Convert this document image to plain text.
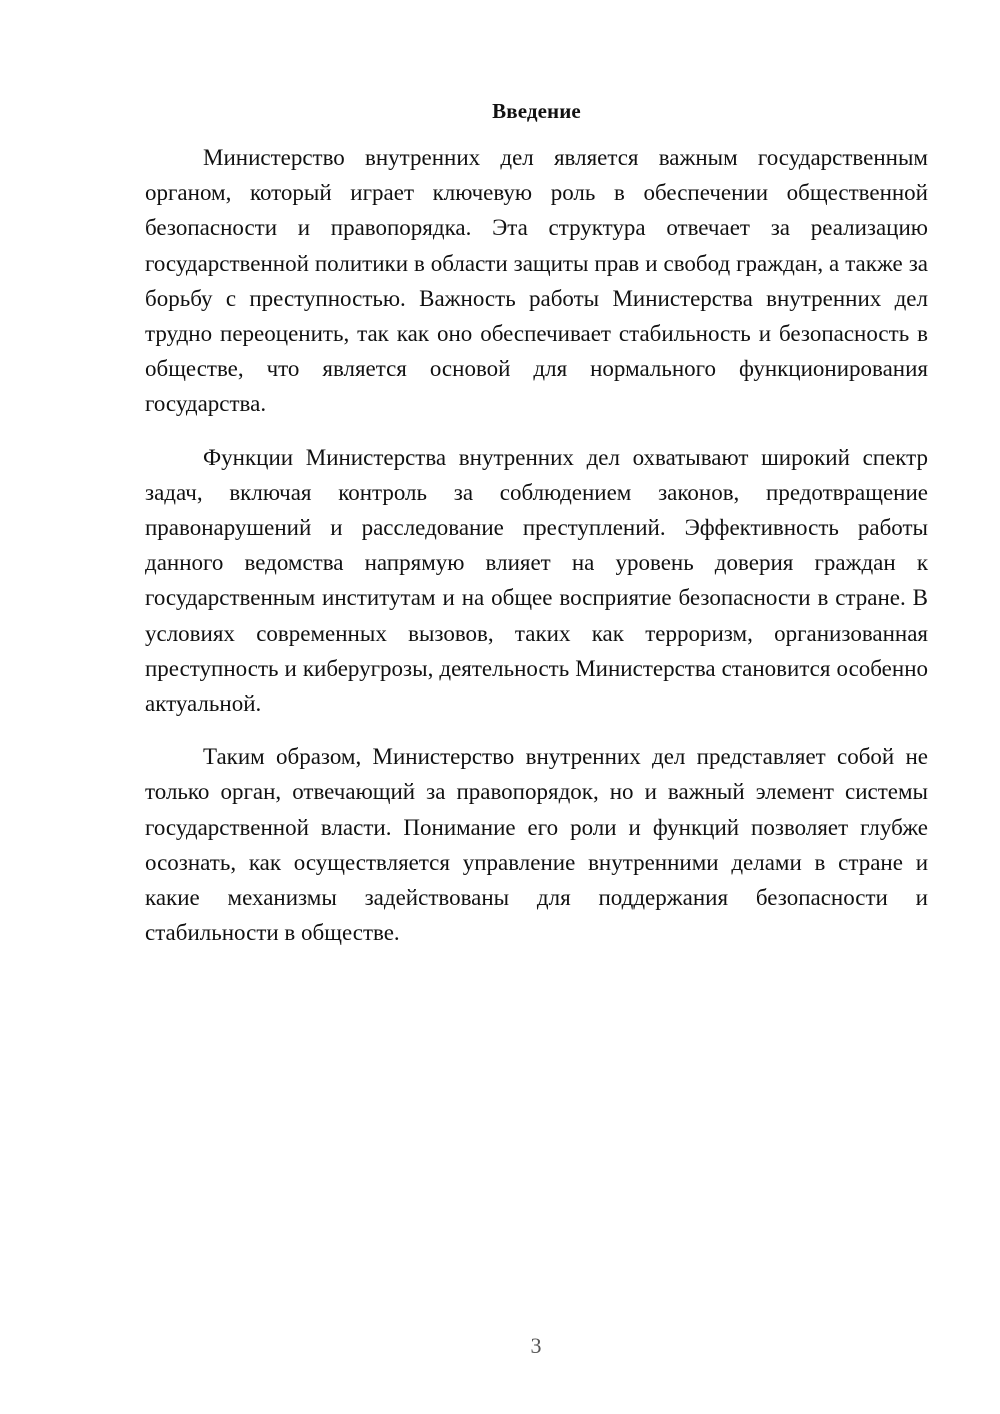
Введение

Министерство внутренних дел является важным государственным органом, который играет ключевую роль в обеспечении общественной безопасности и правопорядка. Эта структура отвечает за реализацию государственной политики в области защиты прав и свобод граждан, а также за борьбу с преступностью. Важность работы Министерства внутренних дел трудно переоценить, так как оно обеспечивает стабильность и безопасность в обществе, что является основой для нормального функционирования государства.

Функции Министерства внутренних дел охватывают широкий спектр задач, включая контроль за соблюдением законов, предотвращение правонарушений и расследование преступлений. Эффективность работы данного ведомства напрямую влияет на уровень доверия граждан к государственным институтам и на общее восприятие безопасности в стране. В условиях современных вызовов, таких как терроризм, организованная преступность и киберугрозы, деятельность Министерства становится особенно актуальной.

Таким образом, Министерство внутренних дел представляет собой не только орган, отвечающий за правопорядок, но и важный элемент системы государственной власти. Понимание его роли и функций позволяет глубже осознать, как осуществляется управление внутренними делами в стране и какие механизмы задействованы для поддержания безопасности и стабильности в обществе.

3
